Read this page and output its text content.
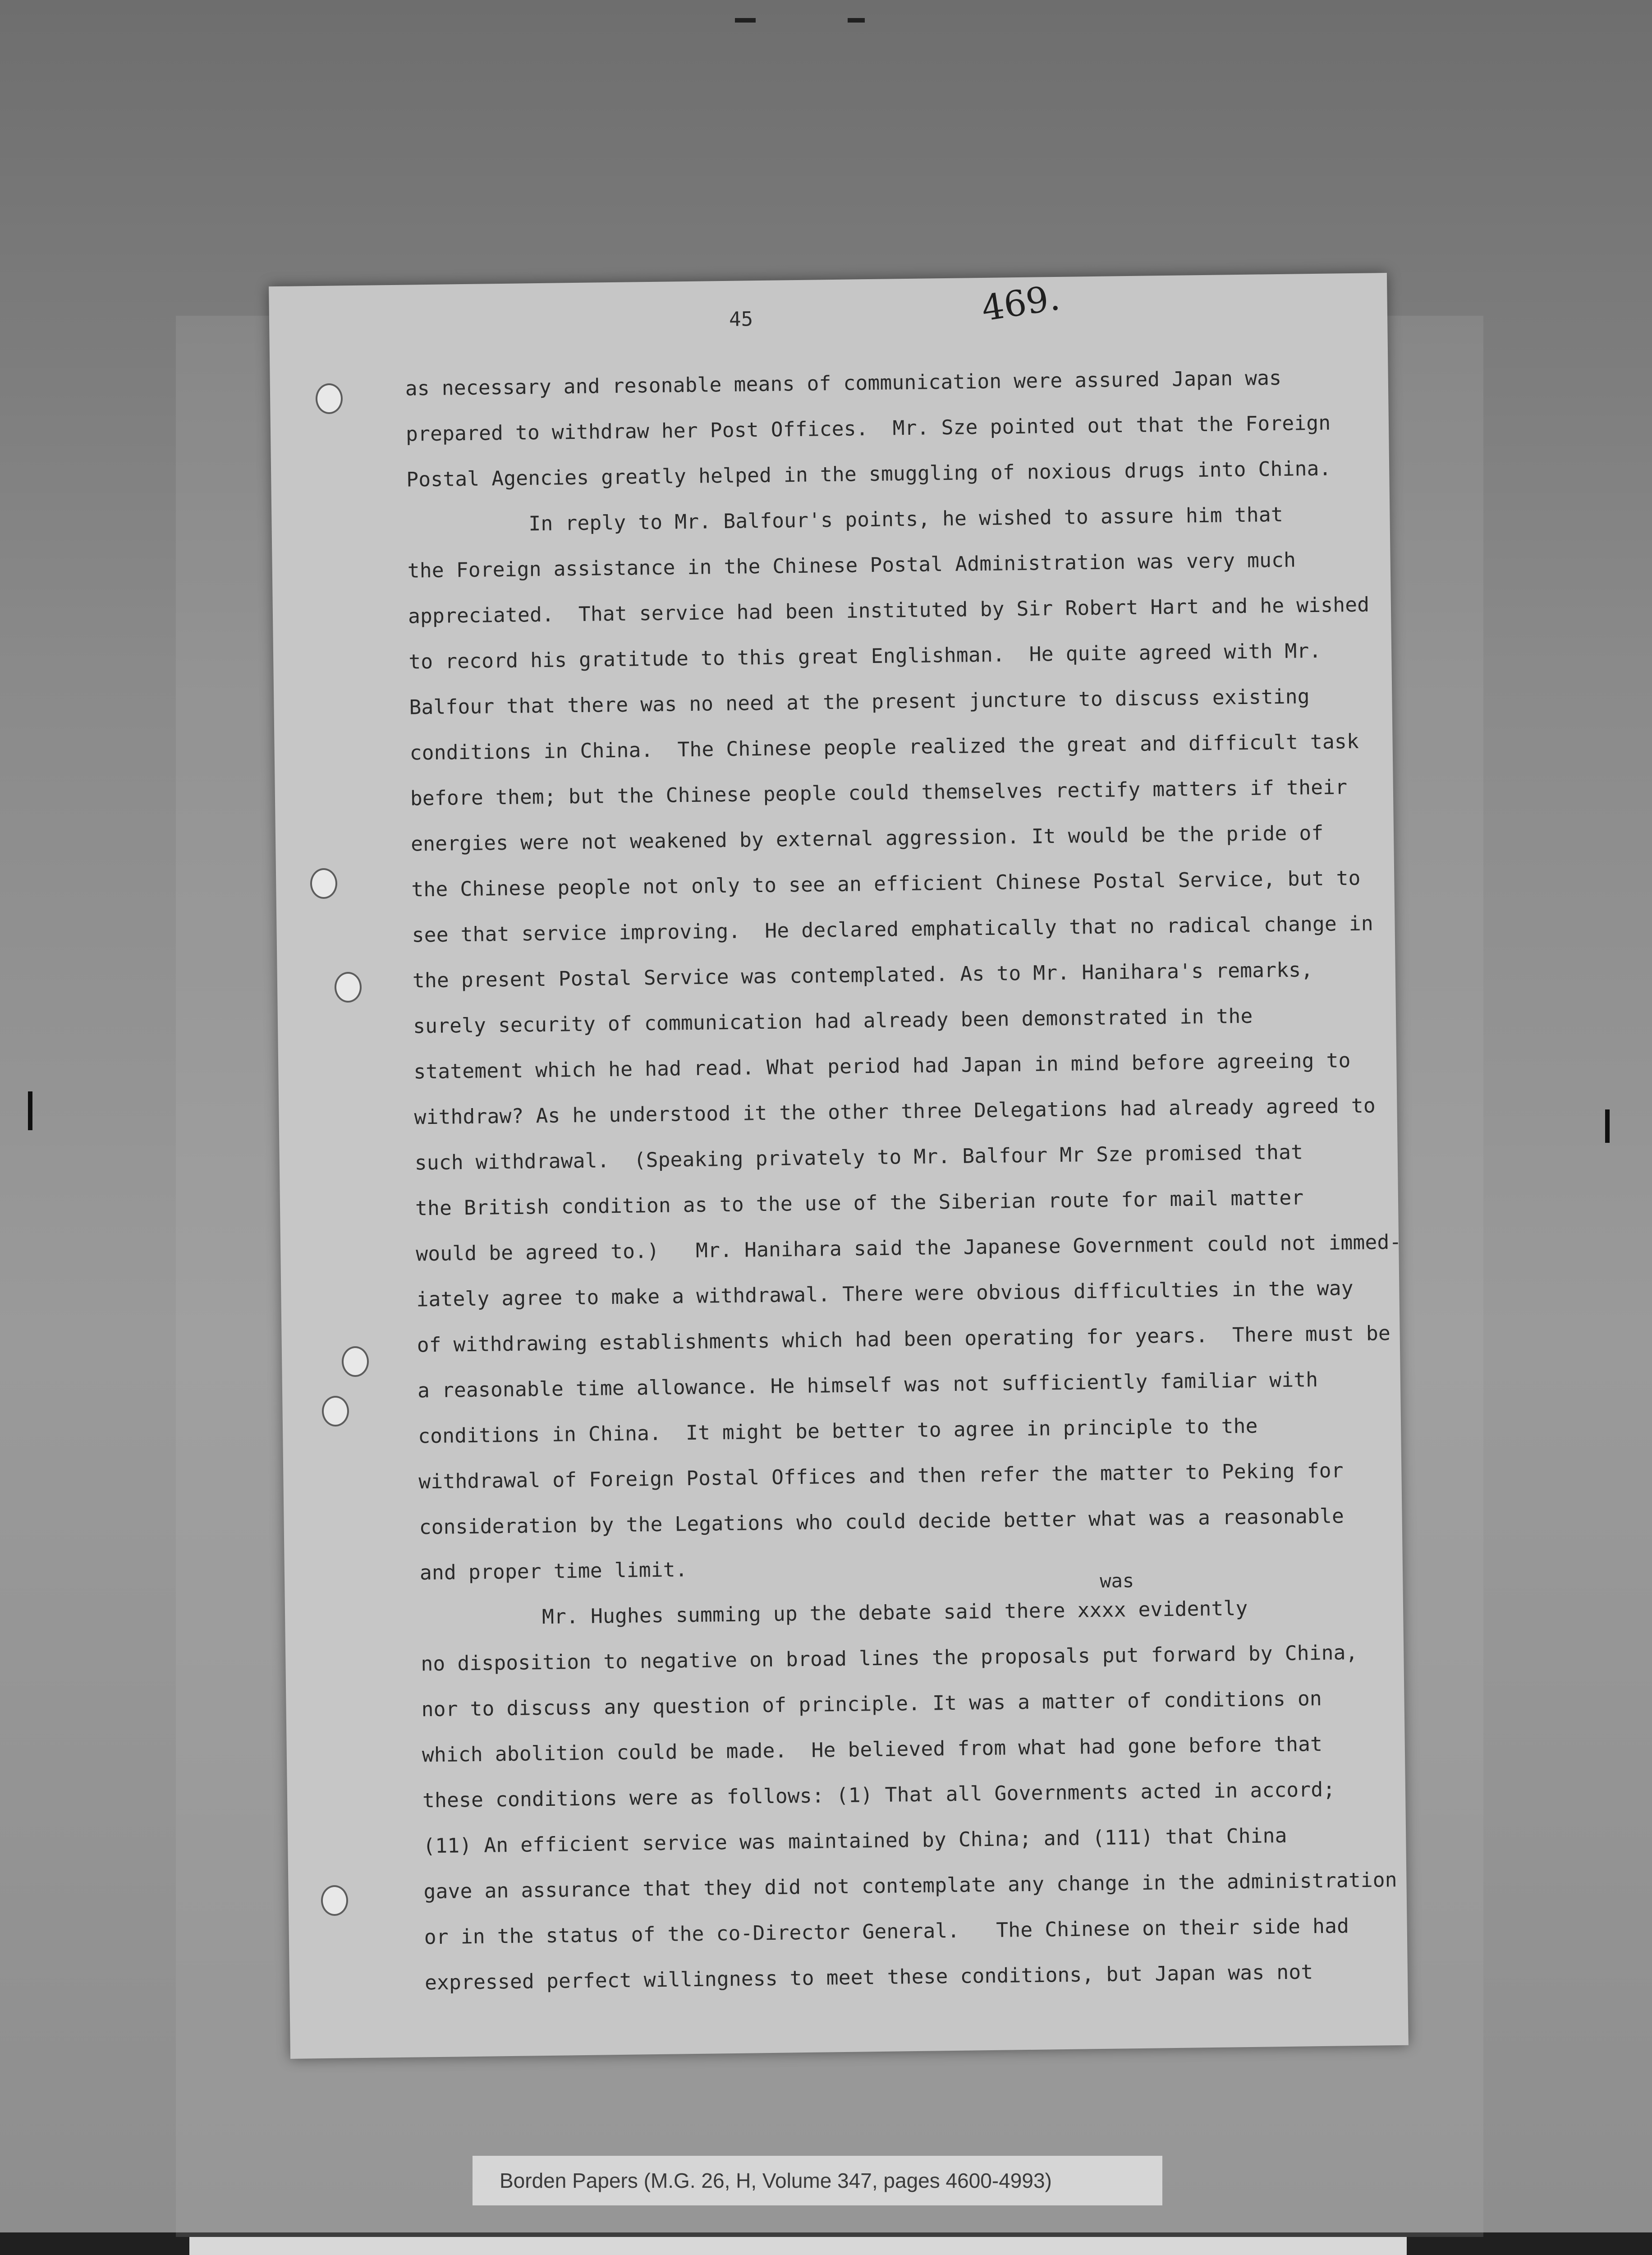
45	469.
was
as necessary and resonable means of communication were assured Japan was
prepared to withdraw her Post Offices.  Mr. Sze pointed out that the Foreign
Postal Agencies greatly helped in the smuggling of noxious drugs into China.
In reply to Mr. Balfour's points, he wished to assure him that
the Foreign assistance in the Chinese Postal Administration was very much
appreciated.  That service had been instituted by Sir Robert Hart and he wished
to record his gratitude to this great Englishman.  He quite agreed with Mr.
Balfour that there was no need at the present juncture to discuss existing
conditions in China.  The Chinese people realized the great and difficult task
before them; but the Chinese people could themselves rectify matters if their
energies were not weakened by external aggression. It would be the pride of
the Chinese people not only to see an efficient Chinese Postal Service, but to
see that service improving.  He declared emphatically that no radical change in
the present Postal Service was contemplated. As to Mr. Hanihara's remarks,
surely security of communication had already been demonstrated in the
statement which he had read. What period had Japan in mind before agreeing to
withdraw? As he understood it the other three Delegations had already agreed to
such withdrawal.  (Speaking privately to Mr. Balfour Mr Sze promised that
the British condition as to the use of the Siberian route for mail matter
would be agreed to.)   Mr. Hanihara said the Japanese Government could not immed-
iately agree to make a withdrawal. There were obvious difficulties in the way
of withdrawing establishments which had been operating for years.  There must be
a reasonable time allowance. He himself was not sufficiently familiar with
conditions in China.  It might be better to agree in principle to the
withdrawal of Foreign Postal Offices and then refer the matter to Peking for
consideration by the Legations who could decide better what was a reasonable
and proper time limit.
Mr. Hughes summing up the debate said there xxxx evidently
no disposition to negative on broad lines the proposals put forward by China,
nor to discuss any question of principle. It was a matter of conditions on
which abolition could be made.  He believed from what had gone before that
these conditions were as follows: (1) That all Governments acted in accord;
(11) An efficient service was maintained by China; and (111) that China
gave an assurance that they did not contemplate any change in the administration
or in the status of the co-Director General.   The Chinese on their side had
expressed perfect willingness to meet these conditions, but Japan was not
Borden Papers (M.G. 26, H, Volume 347, pages 4600-4993)
